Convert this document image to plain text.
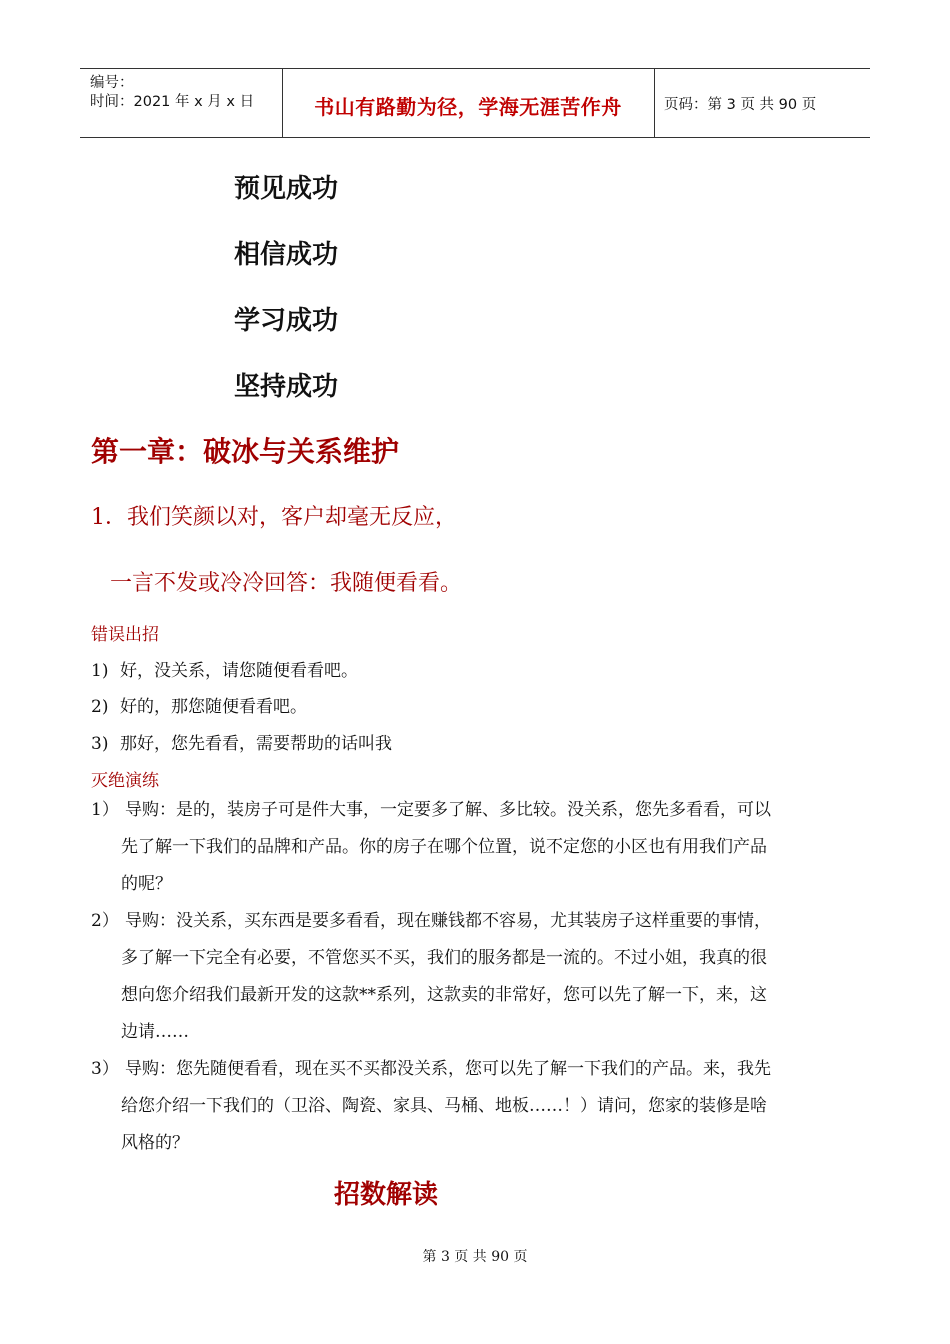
编号：
时间：2021 年 x 月 x 日	书山有路勤为径，学海无涯苦作舟	页码：第 3 页 共 90 页
预见成功
相信成功
学习成功
坚持成功
第一章：破冰与关系维护
1．我们笑颜以对，客户却毫无反应，
一言不发或冷冷回答：我随便看看。
错误出招
1) 好，没关系，请您随便看看吧。
2) 好的，那您随便看看吧。
3) 那好，您先看看，需要帮助的话叫我
灭绝演练
1） 导购：是的，装房子可是件大事，一定要多了解、多比较。没关系，您先多看看，可以
先了解一下我们的品牌和产品。你的房子在哪个位置，说不定您的小区也有用我们产品
的呢？
2） 导购：没关系，买东西是要多看看，现在赚钱都不容易，尤其装房子这样重要的事情，
多了解一下完全有必要，不管您买不买，我们的服务都是一流的。不过小姐，我真的很
想向您介绍我们最新开发的这款**系列，这款卖的非常好，您可以先了解一下，来，这
边请……
3） 导购：您先随便看看，现在买不买都没关系，您可以先了解一下我们的产品。来，我先
给您介绍一下我们的（卫浴、陶瓷、家具、马桶、地板……！）请问，您家的装修是啥
风格的？
招数解读
第 3 页 共 90 页
